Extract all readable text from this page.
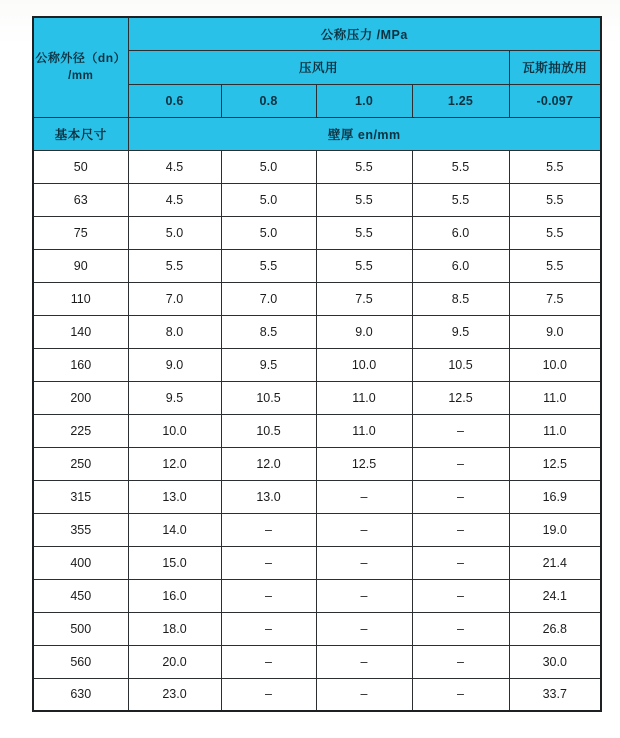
公称外径（dn）
/mm	公称压力 /MPa				
	压风用				瓦斯抽放用
	0.6	0.8	1.0	1.25	-0.097
基本尺寸	壁厚 en/mm				
50	4.5	5.0	5.5	5.5	5.5
63	4.5	5.0	5.5	5.5	5.5
75	5.0	5.0	5.5	6.0	5.5
90	5.5	5.5	5.5	6.0	5.5
110	7.0	7.0	7.5	8.5	7.5
140	8.0	8.5	9.0	9.5	9.0
160	9.0	9.5	10.0	10.5	10.0
200	9.5	10.5	11.0	12.5	11.0
225	10.0	10.5	11.0	–	11.0
250	12.0	12.0	12.5	–	12.5
315	13.0	13.0	–	–	16.9
355	14.0	–	–	–	19.0
400	15.0	–	–	–	21.4
450	16.0	–	–	–	24.1
500	18.0	–	–	–	26.8
560	20.0	–	–	–	30.0
630	23.0	–	–	–	33.7
